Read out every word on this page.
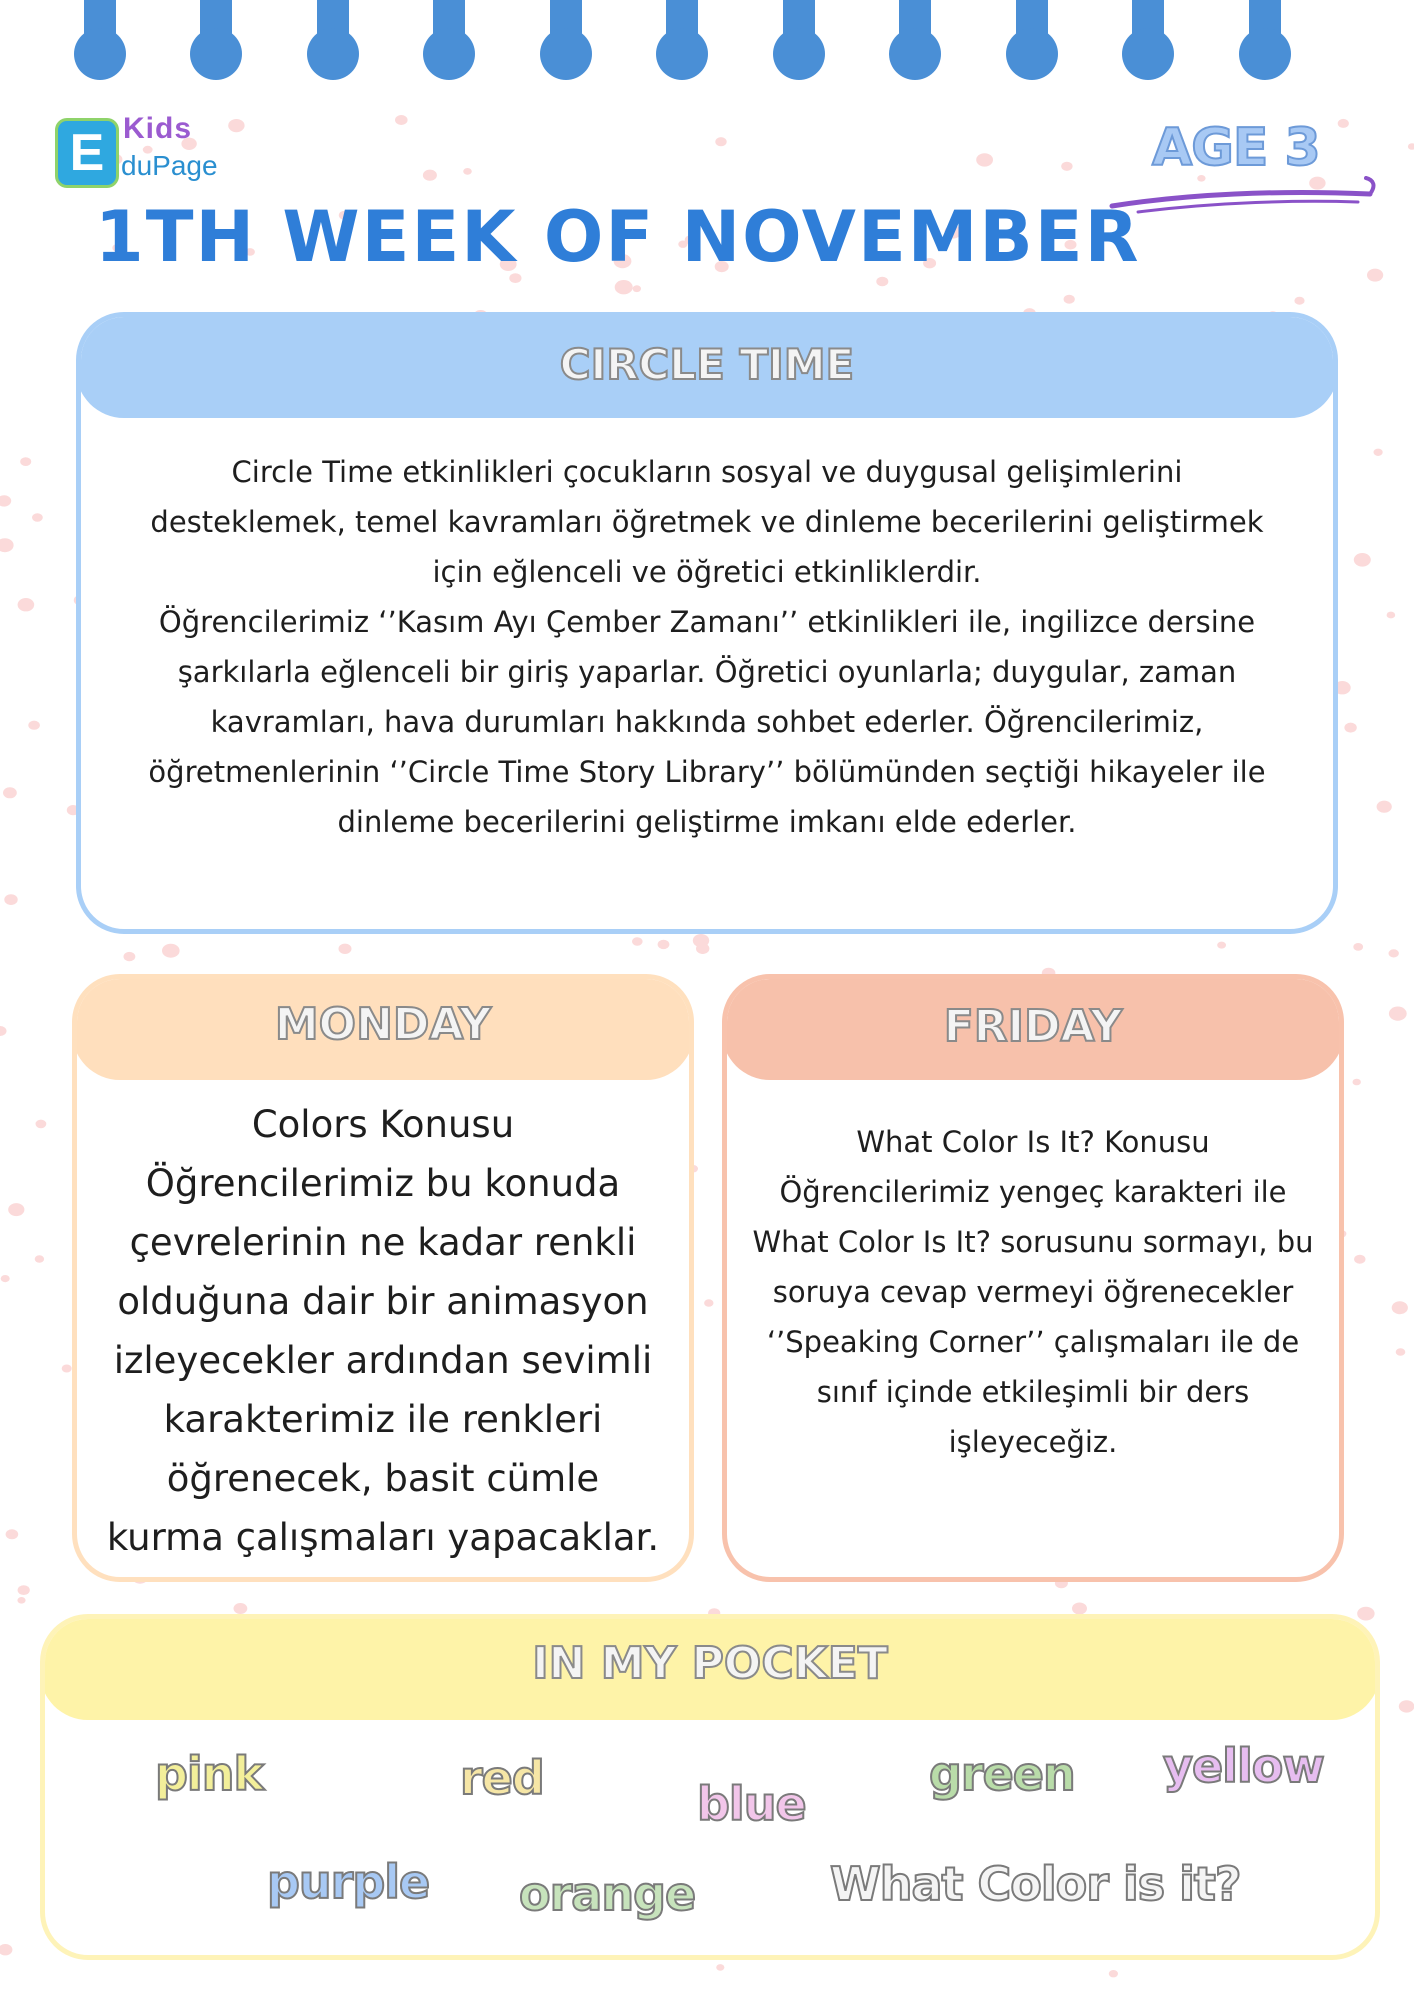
E Kids
duPage	AGE 3
1TH WEEK OF NOVEMBER
CIRCLE TIME

Circle Time etkinlikleri çocukların sosyal ve duygusal gelişimlerini desteklemek, temel kavramları öğretmek ve dinleme becerilerini geliştirmek için eğlenceli ve öğretici etkinliklerdir.

Öğrencilerimiz ‘’Kasım Ayı Çember Zamanı’’ etkinlikleri ile, ingilizce dersine şarkılarla eğlenceli bir giriş yaparlar. Öğretici oyunlarla; duygular, zaman kavramları, hava durumları hakkında sohbet ederler. Öğrencilerimiz, öğretmenlerinin ‘’Circle Time Story Library’’ bölümünden seçtiği hikayeler ile dinleme becerilerini geliştirme imkanı elde ederler.

MONDAY

Colors Konusu

Öğrencilerimiz bu konuda çevrelerinin ne kadar renkli olduğuna dair bir animasyon izleyecekler ardından sevimli karakterimiz ile renkleri öğrenecek, basit cümle kurma çalışmaları yapacaklar.

FRIDAY

What Color Is It? Konusu

Öğrencilerimiz yengeç karakteri ile What Color Is It? sorusunu sormayı, bu soruya cevap vermeyi öğrenecekler ‘’Speaking Corner’’ çalışmaları ile de sınıf içinde etkileşimli bir ders işleyeceğiz.

IN MY POCKET
pink	red	blue
green yellow
purple orange	What Color is it?
